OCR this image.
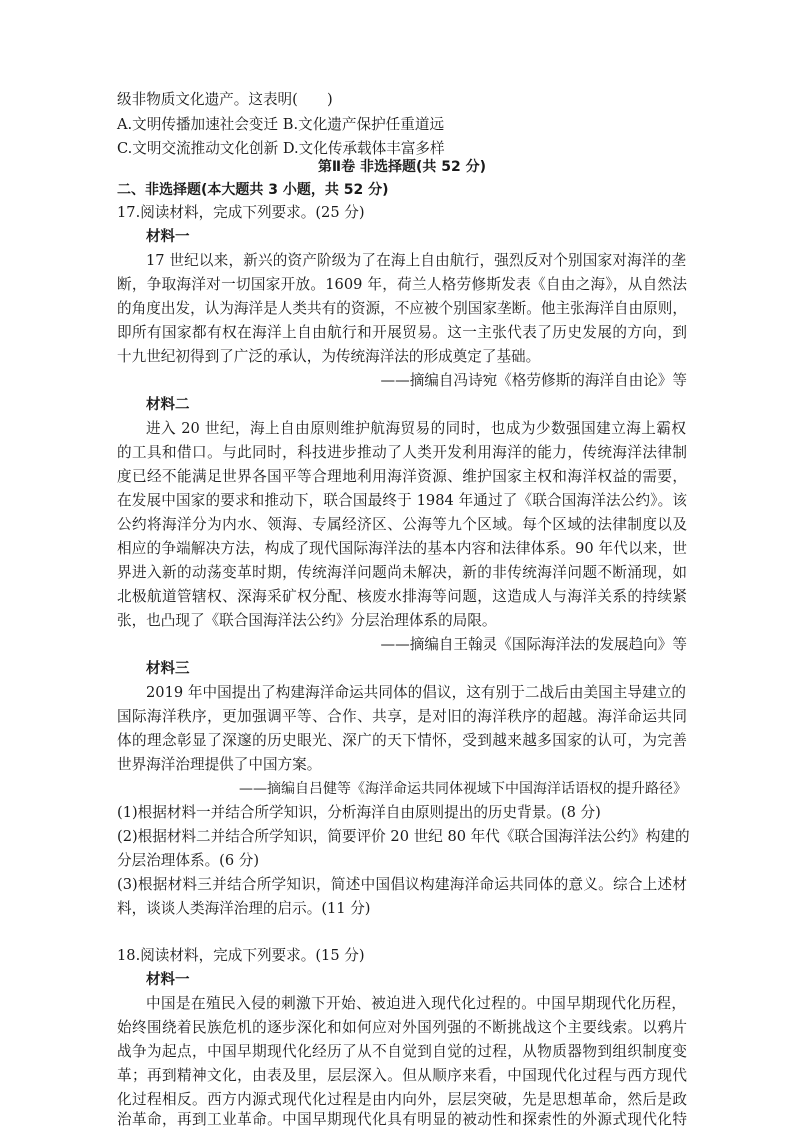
级非物质文化遗产。这表明(　　)
A.文明传播加速社会变迁 B.文化遗产保护任重道远
C.文明交流推动文化创新 D.文化传承载体丰富多样
第Ⅱ卷 非选择题(共 52 分)
二、非选择题(本大题共 3 小题，共 52 分)
17.阅读材料，完成下列要求。(25 分)
材料一
17 世纪以来，新兴的资产阶级为了在海上自由航行，强烈反对个别国家对海洋的垄
断，争取海洋对一切国家开放。1609 年，荷兰人格劳修斯发表《自由之海》，从自然法
的角度出发，认为海洋是人类共有的资源，不应被个别国家垄断。他主张海洋自由原则，
即所有国家都有权在海洋上自由航行和开展贸易。这一主张代表了历史发展的方向，到
十九世纪初得到了广泛的承认，为传统海洋法的形成奠定了基础。
——摘编自冯诗宛《格劳修斯的海洋自由论》等
材料二
进入 20 世纪，海上自由原则维护航海贸易的同时，也成为少数强国建立海上霸权
的工具和借口。与此同时，科技进步推动了人类开发利用海洋的能力，传统海洋法律制
度已经不能满足世界各国平等合理地利用海洋资源、维护国家主权和海洋权益的需要，
在发展中国家的要求和推动下，联合国最终于 1984 年通过了《联合国海洋法公约》。该
公约将海洋分为内水、领海、专属经济区、公海等九个区域。每个区域的法律制度以及
相应的争端解决方法，构成了现代国际海洋法的基本内容和法律体系。90 年代以来，世
界进入新的动荡变革时期，传统海洋问题尚未解决，新的非传统海洋问题不断涌现，如
北极航道管辖权、深海采矿权分配、核废水排海等问题，这造成人与海洋关系的持续紧
张，也凸现了《联合国海洋法公约》分层治理体系的局限。
——摘编自王翰灵《国际海洋法的发展趋向》等
材料三
2019 年中国提出了构建海洋命运共同体的倡议，这有别于二战后由美国主导建立的
国际海洋秩序，更加强调平等、合作、共享，是对旧的海洋秩序的超越。海洋命运共同
体的理念彰显了深邃的历史眼光、深广的天下情怀，受到越来越多国家的认可，为完善
世界海洋治理提供了中国方案。
——摘编自吕健等《海洋命运共同体视域下中国海洋话语权的提升路径》
(1)根据材料一并结合所学知识，分析海洋自由原则提出的历史背景。(8 分)
(2)根据材料二并结合所学知识，简要评价 20 世纪 80 年代《联合国海洋法公约》构建的
分层治理体系。(6 分)
(3)根据材料三并结合所学知识，简述中国倡议构建海洋命运共同体的意义。综合上述材
料，谈谈人类海洋治理的启示。(11 分)
18.阅读材料，完成下列要求。(15 分)
材料一
中国是在殖民入侵的刺激下开始、被迫进入现代化过程的。中国早期现代化历程，
始终围绕着民族危机的逐步深化和如何应对外国列强的不断挑战这个主要线索。以鸦片
战争为起点，中国早期现代化经历了从不自觉到自觉的过程，从物质器物到组织制度变
革；再到精神文化，由表及里，层层深入。但从顺序来看，中国现代化过程与西方现代
化过程相反。西方内源式现代化过程是由内向外，层层突破，先是思想革命，然后是政
治革命，再到工业革命。中国早期现代化具有明显的被动性和探索性的外源式现代化特
